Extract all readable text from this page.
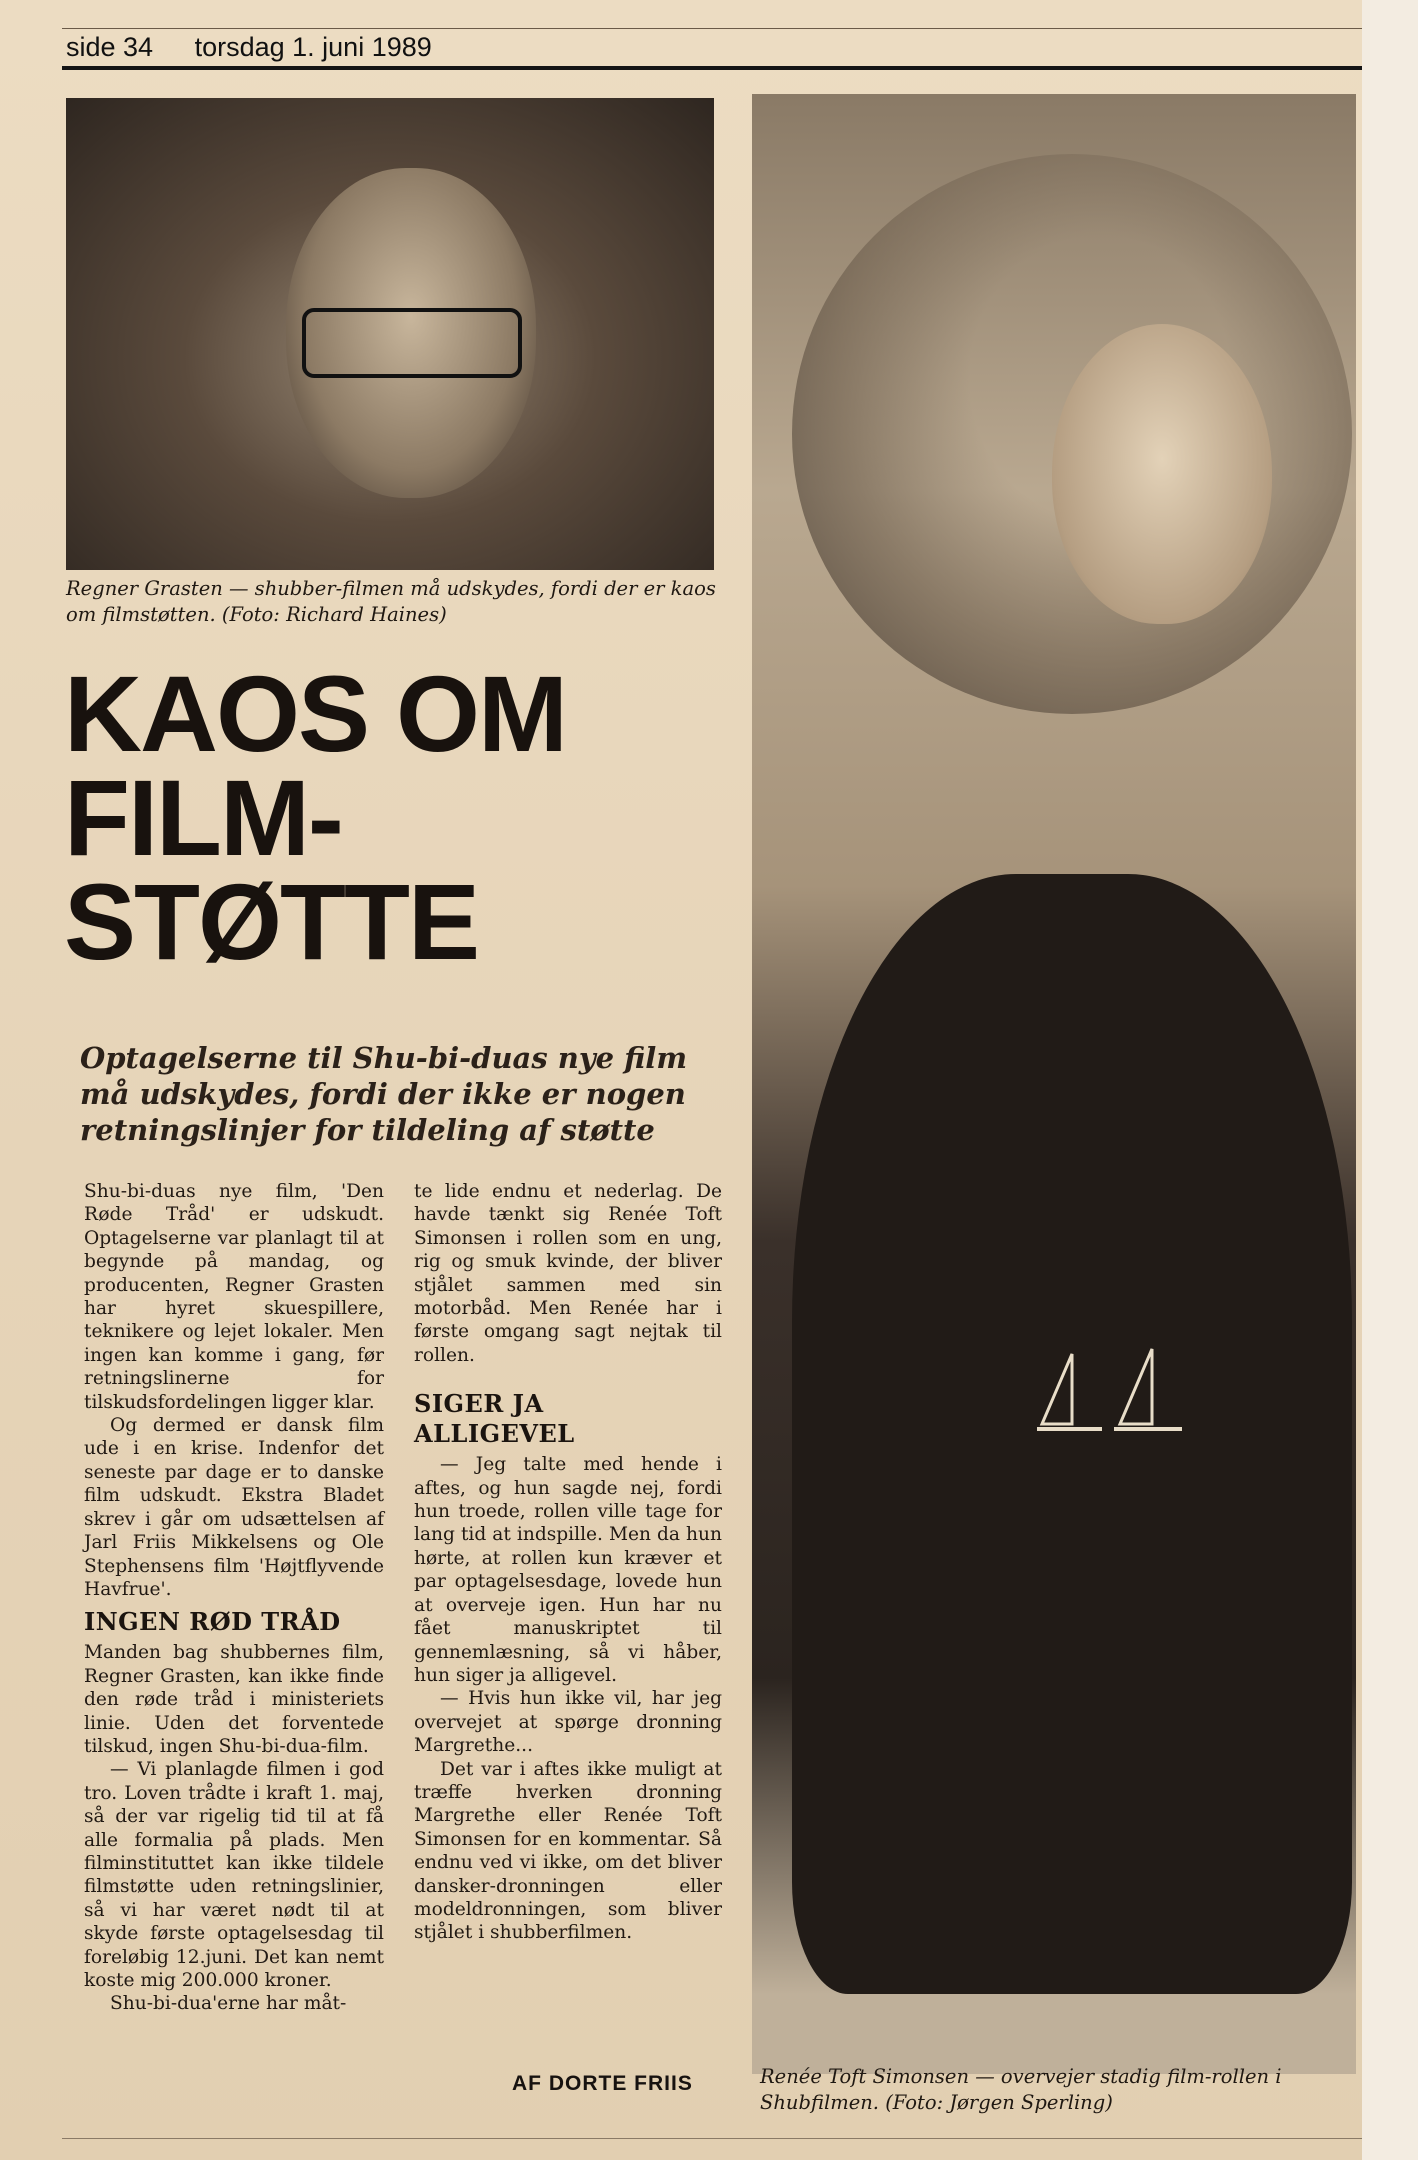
side 34 torsdag 1. juni 1989
Regner Grasten — shubber-filmen må udskydes, fordi der er kaos om filmstøtten. (Foto: Richard Haines)
KAOS OM
FILM-
STØTTE
Optagelserne til Shu-bi-duas nye film må udskydes, fordi der ikke er nogen retningslinjer for tildeling af støtte

Shu-bi-duas nye film, 'Den Røde Tråd' er udskudt. Optagelserne var planlagt til at begynde på mandag, og producenten, Regner Grasten har hyret skuespillere, teknikere og lejet lokaler. Men ingen kan komme i gang, før retningslinerne for tilskudsfordelingen ligger klar.

Og dermed er dansk film ude i en krise. Indenfor det seneste par dage er to danske film udskudt. Ekstra Bladet skrev i går om udsættelsen af Jarl Friis Mikkelsens og Ole Stephensens film 'Højtflyvende Havfrue'.

INGEN RØD TRÅD

Manden bag shubbernes film, Regner Grasten, kan ikke finde den røde tråd i ministeriets linie. Uden det forventede tilskud, ingen Shu-bi-dua-film.

— Vi planlagde filmen i god tro. Loven trådte i kraft 1. maj, så der var rigelig tid til at få alle formalia på plads. Men filminstituttet kan ikke tildele filmstøtte uden retningslinier, så vi har været nødt til at skyde første optagelsesdag til foreløbig 12.juni. Det kan nemt koste mig 200.000 kroner.

Shu-bi-dua'erne har måt-

te lide endnu et nederlag. De havde tænkt sig Renée Toft Simonsen i rollen som en ung, rig og smuk kvinde, der bliver stjålet sammen med sin motorbåd. Men Renée har i første omgang sagt nejtak til rollen.

SIGER JA
ALLIGEVEL

— Jeg talte med hende i aftes, og hun sagde nej, fordi hun troede, rollen ville tage for lang tid at indspille. Men da hun hørte, at rollen kun kræver et par optagelsesdage, lovede hun at overveje igen. Hun har nu fået manuskriptet til gennemlæsning, så vi håber, hun siger ja alligevel.

— Hvis hun ikke vil, har jeg overvejet at spørge dronning Margrethe...

Det var i aftes ikke muligt at træffe hverken dronning Margrethe eller Renée Toft Simonsen for en kommentar. Så endnu ved vi ikke, om det bliver dansker-dronningen eller modeldronningen, som bliver stjålet i shubberfilmen.

AF DORTE FRIIS	Renée Toft Simonsen — overvejer stadig film-rollen i Shubfilmen. (Foto: Jørgen Sperling)
